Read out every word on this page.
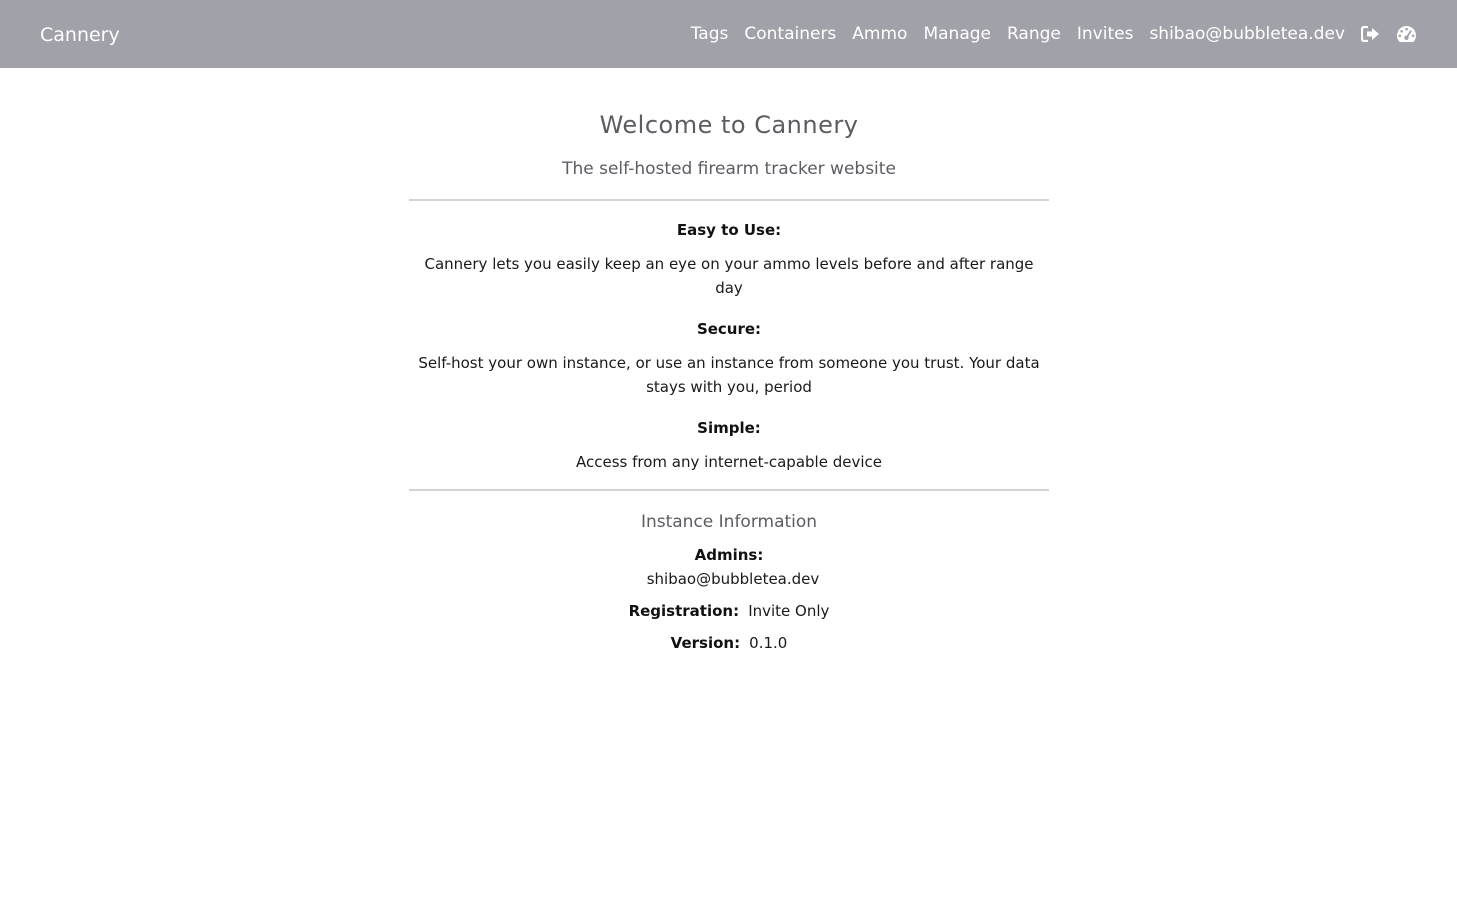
Cannery	Tags Containers Ammo Manage Range Invites shibao@bubbletea.dev
Welcome to Cannery
The self-hosted firearm tracker website
Easy to Use:
Cannery lets you easily keep an eye on your ammo levels before and after range day
Secure:
Self-host your own instance, or use an instance from someone you trust. Your data stays with you, period
Simple:
Access from any internet-capable device
Instance Information
Admins:
shibao@bubbletea.dev
Registration: Invite Only
Version: 0.1.0
